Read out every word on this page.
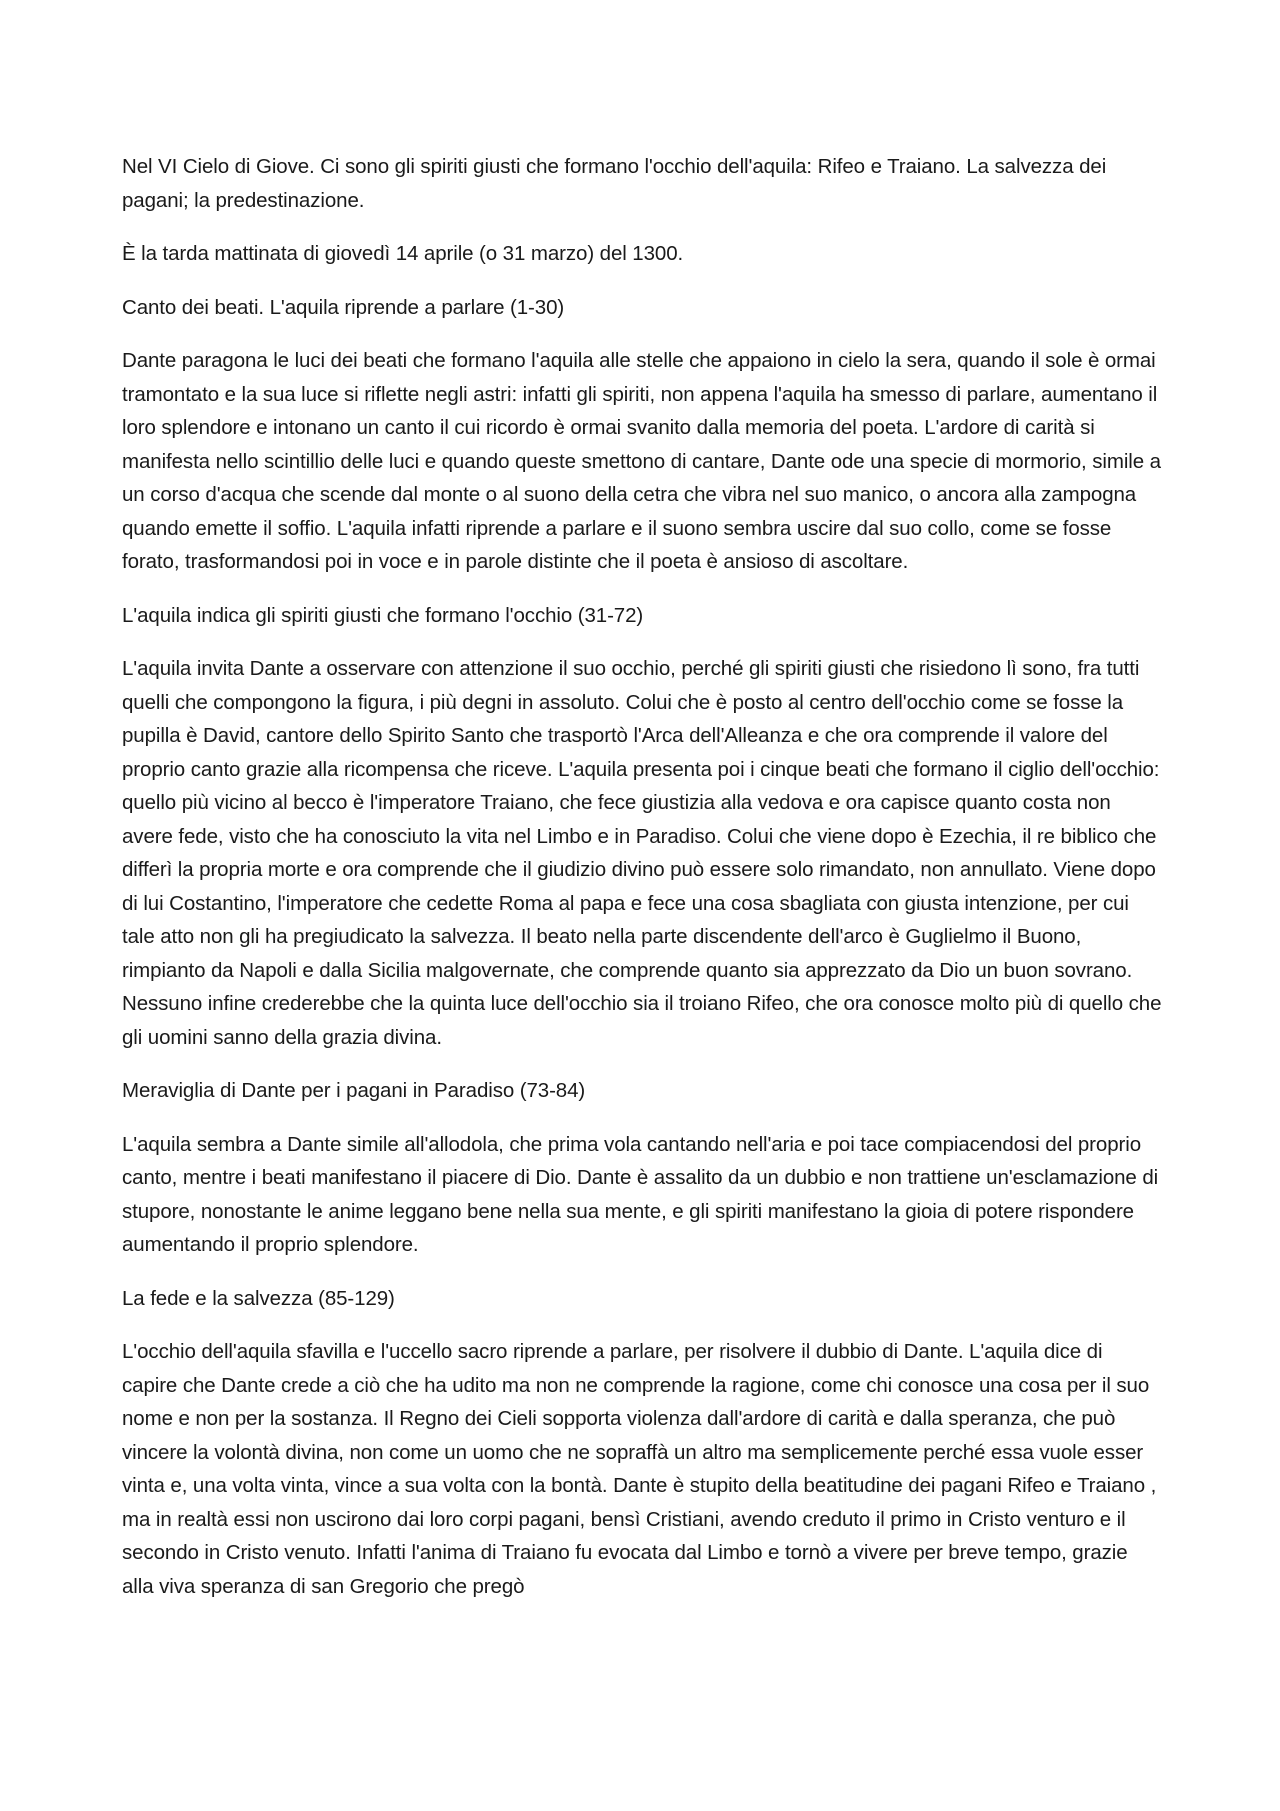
Nel VI Cielo di Giove. Ci sono gli spiriti giusti che formano l'occhio dell'aquila: Rifeo e Traiano. La salvezza dei pagani; la predestinazione.

È la tarda mattinata di giovedì 14 aprile (o 31 marzo) del 1300.

Canto dei beati. L'aquila riprende a parlare (1-30)

Dante paragona le luci dei beati che formano l'aquila alle stelle che appaiono in cielo la sera, quando il sole è ormai tramontato e la sua luce si riflette negli astri: infatti gli spiriti, non appena l'aquila ha smesso di parlare, aumentano il loro splendore e intonano un canto il cui ricordo è ormai svanito dalla memoria del poeta. L'ardore di carità si manifesta nello scintillio delle luci e quando queste smettono di cantare, Dante ode una specie di mormorio, simile a un corso d'acqua che scende dal monte o al suono della cetra che vibra nel suo manico, o ancora alla zampogna quando emette il soffio. L'aquila infatti riprende a parlare e il suono sembra uscire dal suo collo, come se fosse forato, trasformandosi poi in voce e in parole distinte che il poeta è ansioso di ascoltare.

L'aquila indica gli spiriti giusti che formano l'occhio (31-72)

L'aquila invita Dante a osservare con attenzione il suo occhio, perché gli spiriti giusti che risiedono lì sono, fra tutti quelli che compongono la figura, i più degni in assoluto. Colui che è posto al centro dell'occhio come se fosse la pupilla è David, cantore dello Spirito Santo che trasportò l'Arca dell'Alleanza e che ora comprende il valore del proprio canto grazie alla ricompensa che riceve. L'aquila presenta poi i cinque beati che formano il ciglio dell'occhio: quello più vicino al becco è l'imperatore Traiano, che fece giustizia alla vedova e ora capisce quanto costa non avere fede, visto che ha conosciuto la vita nel Limbo e in Paradiso. Colui che viene dopo è Ezechia, il re biblico che differì la propria morte e ora comprende che il giudizio divino può essere solo rimandato, non annullato. Viene dopo di lui Costantino, l'imperatore che cedette Roma al papa e fece una cosa sbagliata con giusta intenzione, per cui tale atto non gli ha pregiudicato la salvezza. Il beato nella parte discendente dell'arco è Guglielmo il Buono, rimpianto da Napoli e dalla Sicilia malgovernate, che comprende quanto sia apprezzato da Dio un buon sovrano. Nessuno infine crederebbe che la quinta luce dell'occhio sia il troiano Rifeo, che ora conosce molto più di quello che gli uomini sanno della grazia divina.

Meraviglia di Dante per i pagani in Paradiso (73-84)

L'aquila sembra a Dante simile all'allodola, che prima vola cantando nell'aria e poi tace compiacendosi del proprio canto, mentre i beati manifestano il piacere di Dio. Dante è assalito da un dubbio e non trattiene un'esclamazione di stupore, nonostante le anime leggano bene nella sua mente, e gli spiriti manifestano la gioia di potere rispondere aumentando il proprio splendore.

La fede e la salvezza (85-129)

L'occhio dell'aquila sfavilla e l'uccello sacro riprende a parlare, per risolvere il dubbio di Dante. L'aquila dice di capire che Dante crede a ciò che ha udito ma non ne comprende la ragione, come chi conosce una cosa per il suo nome e non per la sostanza. Il Regno dei Cieli sopporta violenza dall'ardore di carità e dalla speranza, che può vincere la volontà divina, non come un uomo che ne sopraffà un altro ma semplicemente perché essa vuole esser vinta e, una volta vinta, vince a sua volta con la bontà. Dante è stupito della beatitudine dei pagani Rifeo e Traiano , ma in realtà essi non uscirono dai loro corpi pagani, bensì Cristiani, avendo creduto il primo in Cristo venturo e il secondo in Cristo venuto. Infatti l'anima di Traiano fu evocata dal Limbo e tornò a vivere per breve tempo, grazie alla viva speranza di san Gregorio che pregò
